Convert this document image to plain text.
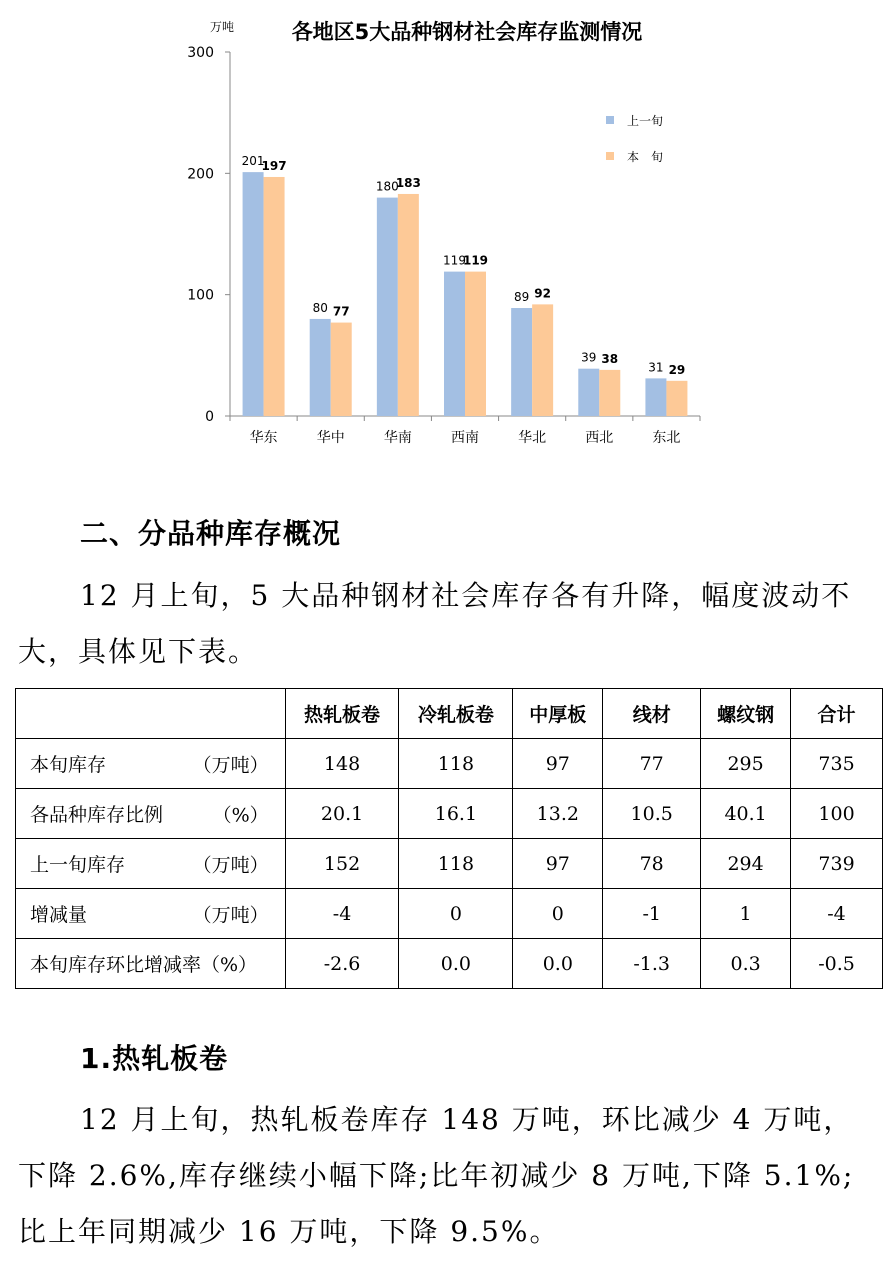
万吨	各地区5大品种钢材社会库存监测情况
0
100
200
300
华东
201
197
华中
80 77
华南
180
183
西南
119
119
华北
89 92
西北
39 38
东北
31 29
上一旬
本　旬
二、分品种库存概况
12 月上旬，5 大品种钢材社会库存各有升降，幅度波动不大，具体见下表。
	热轧板卷	冷轧板卷	中厚板	线材	螺纹钢	合计
本旬库存 （万吨）	148	118	97	77	295	735
各品种库存比例 （%）	20.1	16.1	13.2	10.5	40.1	100
上一旬库存 （万吨）	152	118	97	78	294	739
增减量 （万吨）	-4	0	0	-1	1	-4
本旬库存环比增减率（%）	-2.6	0.0	0.0	-1.3	0.3	-0.5
1.热轧板卷
12 月上旬，热轧板卷库存 148 万吨，环比减少 4 万吨，下降 2.6%,库存继续小幅下降;比年初减少 8 万吨,下降 5.1%;比上年同期减少 16 万吨，下降 9.5%。
